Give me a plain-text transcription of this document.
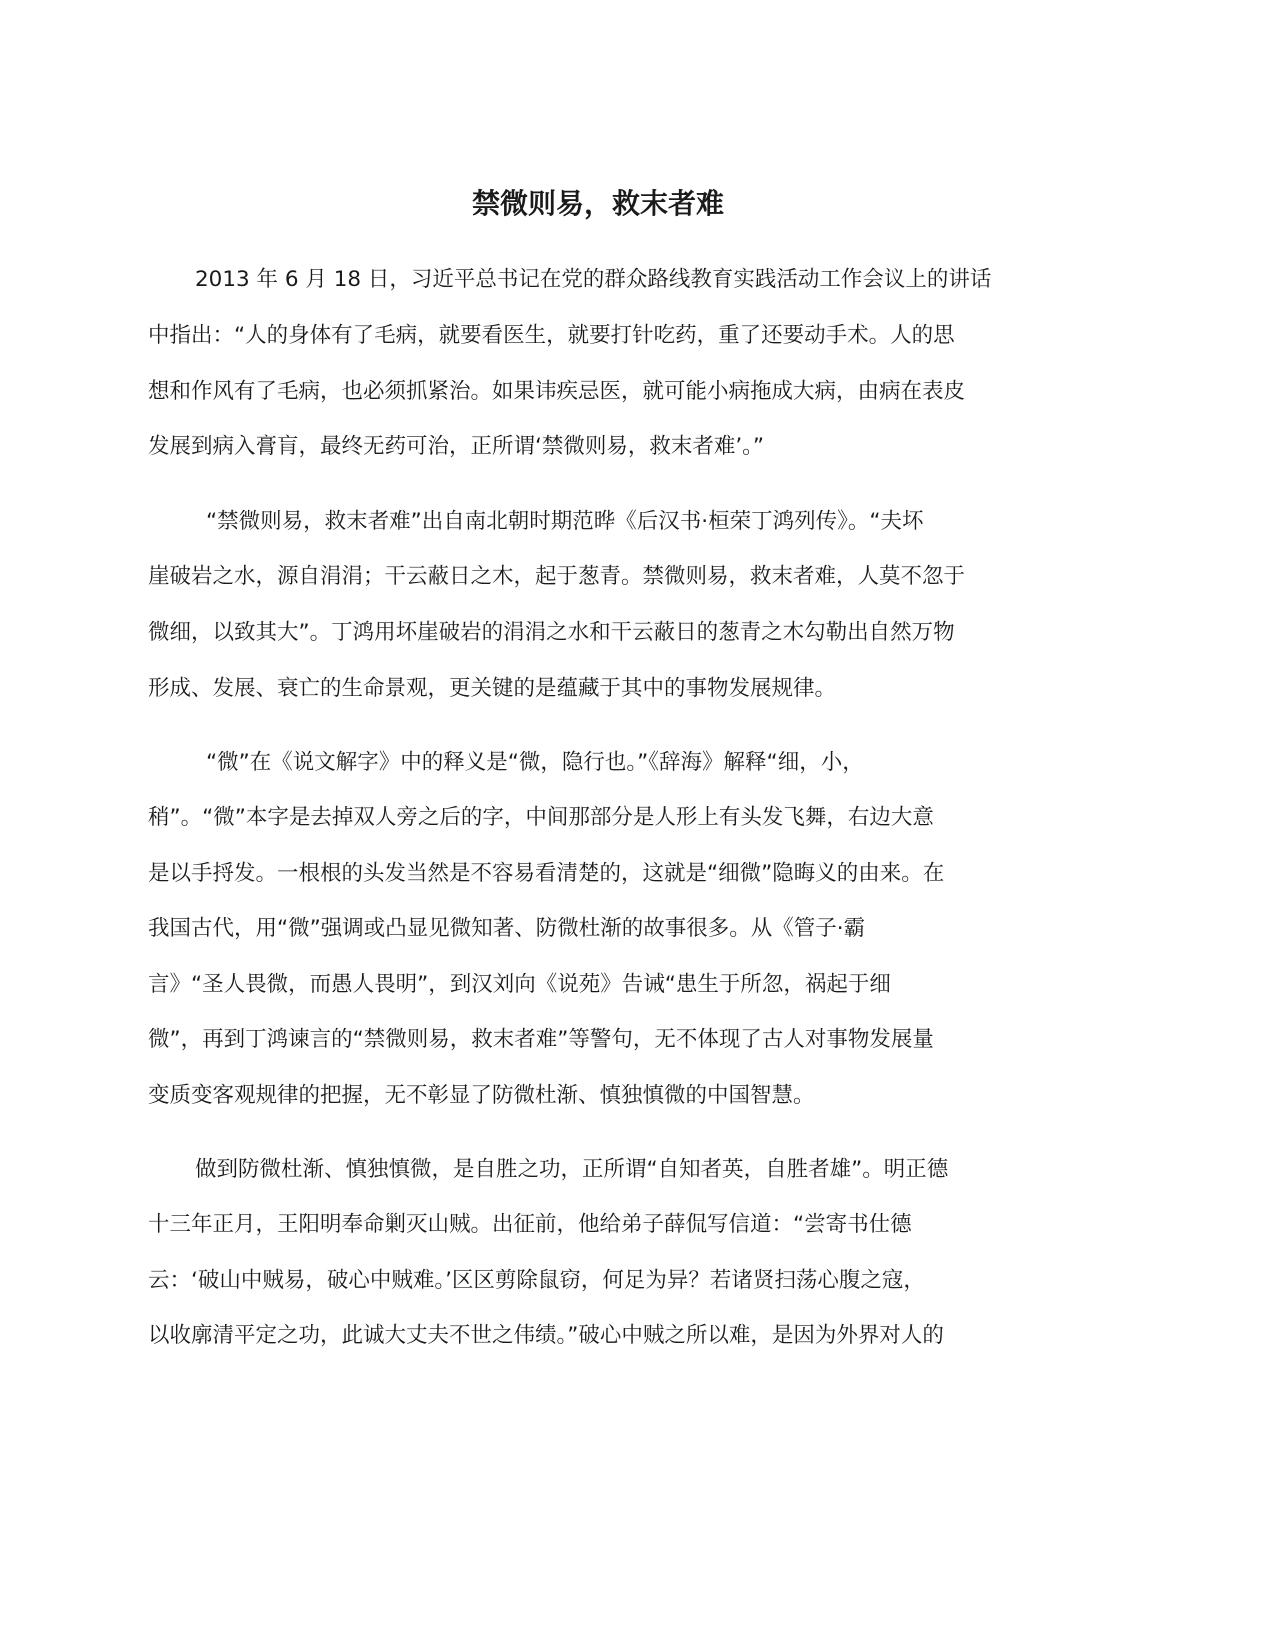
禁微则易，救末者难

2013 年 6 月 18 日，习近平总书记在党的群众路线教育实践活动工作会议上的讲话

中指出：“人的身体有了毛病，就要看医生，就要打针吃药，重了还要动手术。人的思

想和作风有了毛病，也必须抓紧治。如果讳疾忌医，就可能小病拖成大病，由病在表皮

发展到病入膏肓，最终无药可治，正所谓‘禁微则易，救末者难’。”

“禁微则易，救末者难”出自南北朝时期范晔《后汉书·桓荣丁鸿列传》。“夫坏

崖破岩之水，源自涓涓；干云蔽日之木，起于葱青。禁微则易，救末者难，人莫不忽于

微细，以致其大”。丁鸿用坏崖破岩的涓涓之水和干云蔽日的葱青之木勾勒出自然万物

形成、发展、衰亡的生命景观，更关键的是蕴藏于其中的事物发展规律。

“微”在《说文解字》中的释义是“微，隐行也。”《辞海》解释“细，小，

稍”。“微”本字是去掉双人旁之后的字，中间那部分是人形上有头发飞舞，右边大意

是以手捋发。一根根的头发当然是不容易看清楚的，这就是“细微”隐晦义的由来。在

我国古代，用“微”强调或凸显见微知著、防微杜渐的故事很多。从《管子·霸

言》“圣人畏微，而愚人畏明”，到汉刘向《说苑》告诫“患生于所忽，祸起于细

微”，再到丁鸿谏言的“禁微则易，救末者难”等警句，无不体现了古人对事物发展量

变质变客观规律的把握，无不彰显了防微杜渐、慎独慎微的中国智慧。

做到防微杜渐、慎独慎微，是自胜之功，正所谓“自知者英，自胜者雄”。明正德

十三年正月，王阳明奉命剿灭山贼。出征前，他给弟子薛侃写信道：“尝寄书仕德

云：‘破山中贼易，破心中贼难。’区区剪除鼠窃，何足为异？若诸贤扫荡心腹之寇，

以收廓清平定之功，此诚大丈夫不世之伟绩。”破心中贼之所以难，是因为外界对人的
